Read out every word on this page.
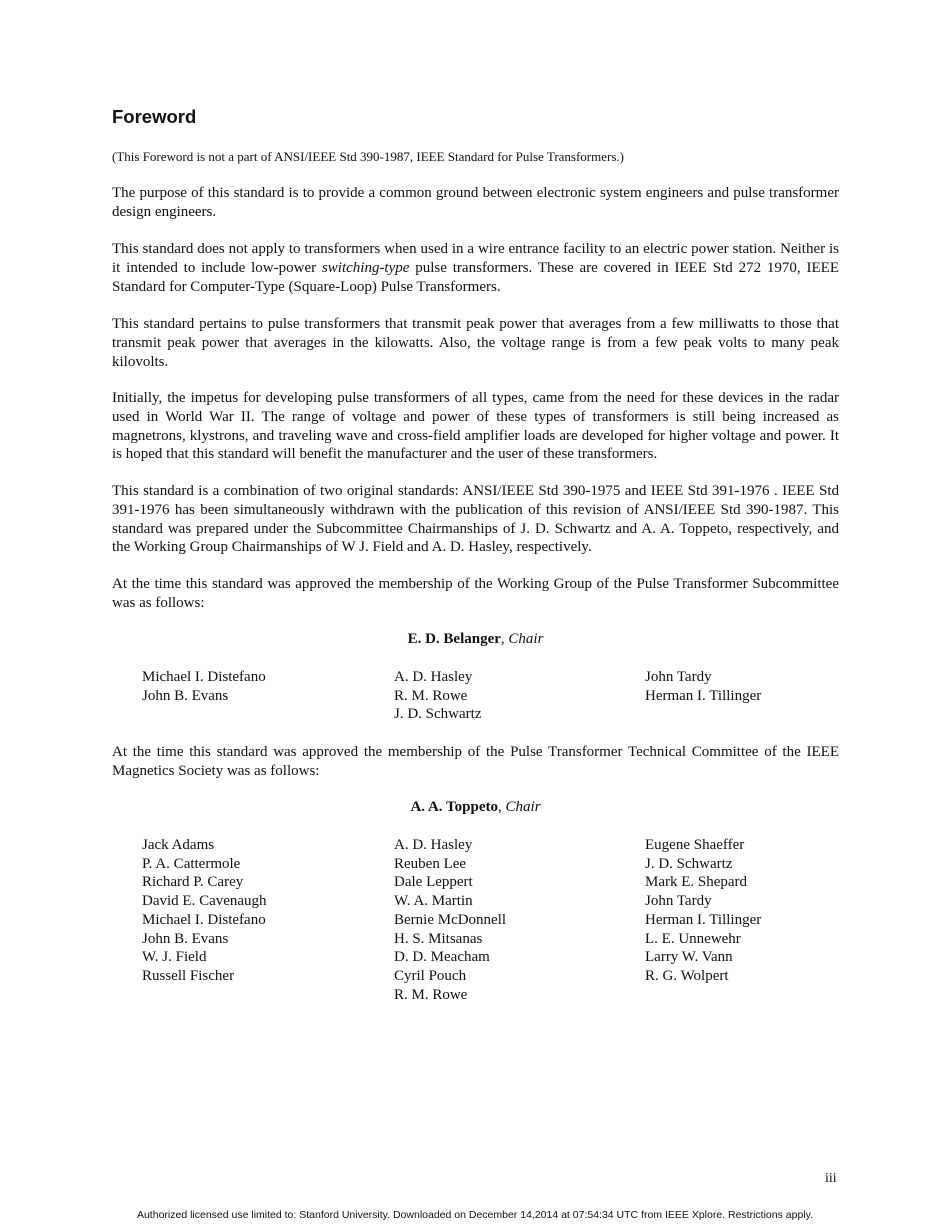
Foreword

(This Foreword is not a part of ANSI/IEEE Std 390-1987, IEEE Standard for Pulse Transformers.)

The purpose of this standard is to provide a common ground between electronic system engineers and pulse transformer design engineers.

This standard does not apply to transformers when used in a wire entrance facility to an electric power station. Neither is it intended to include low-power switching-type pulse transformers. These are covered in IEEE Std 272 1970, IEEE Standard for Computer-Type (Square-Loop) Pulse Transformers.

This standard pertains to pulse transformers that transmit peak power that averages from a few milliwatts to those that transmit peak power that averages in the kilowatts. Also, the voltage range is from a few peak volts to many peak kilovolts.

Initially, the impetus for developing pulse transformers of all types, came from the need for these devices in the radar used in World War II. The range of voltage and power of these types of transformers is still being increased as magnetrons, klystrons, and traveling wave and cross-field amplifier loads are developed for higher voltage and power. It is hoped that this standard will benefit the manufacturer and the user of these transformers.

This standard is a combination of two original standards: ANSI/IEEE Std 390-1975 and IEEE Std 391-1976 . IEEE Std 391-1976 has been simultaneously withdrawn with the publication of this revision of ANSI/IEEE Std 390-1987. This standard was prepared under the Subcommittee Chairmanships of J. D. Schwartz and A. A. Toppeto, respectively, and the Working Group Chairmanships of W J. Field and A. D. Hasley, respectively.

At the time this standard was approved the membership of the Working Group of the Pulse Transformer Subcommittee was as follows:

E. D. Belanger, Chair

Michael I. Distefano
John B. Evans
A. D. Hasley
R. M. Rowe
J. D. Schwartz
John Tardy
Herman I. Tillinger

At the time this standard was approved the membership of the Pulse Transformer Technical Committee of the IEEE Magnetics Society was as follows:

A. A. Toppeto, Chair

Jack Adams
P. A. Cattermole
Richard P. Carey
David E. Cavenaugh
Michael I. Distefano
John B. Evans
W. J. Field
Russell Fischer
A. D. Hasley
Reuben Lee
Dale Leppert
W. A. Martin
Bernie McDonnell
H. S. Mitsanas
D. D. Meacham
Cyril Pouch
R. M. Rowe
Eugene Shaeffer
J. D. Schwartz
Mark E. Shepard
John Tardy
Herman I. Tillinger
L. E. Unnewehr
Larry W. Vann
R. G. Wolpert
iii
Authorized licensed use limited to: Stanford University. Downloaded on December 14,2014 at 07:54:34 UTC from IEEE Xplore. Restrictions apply.
